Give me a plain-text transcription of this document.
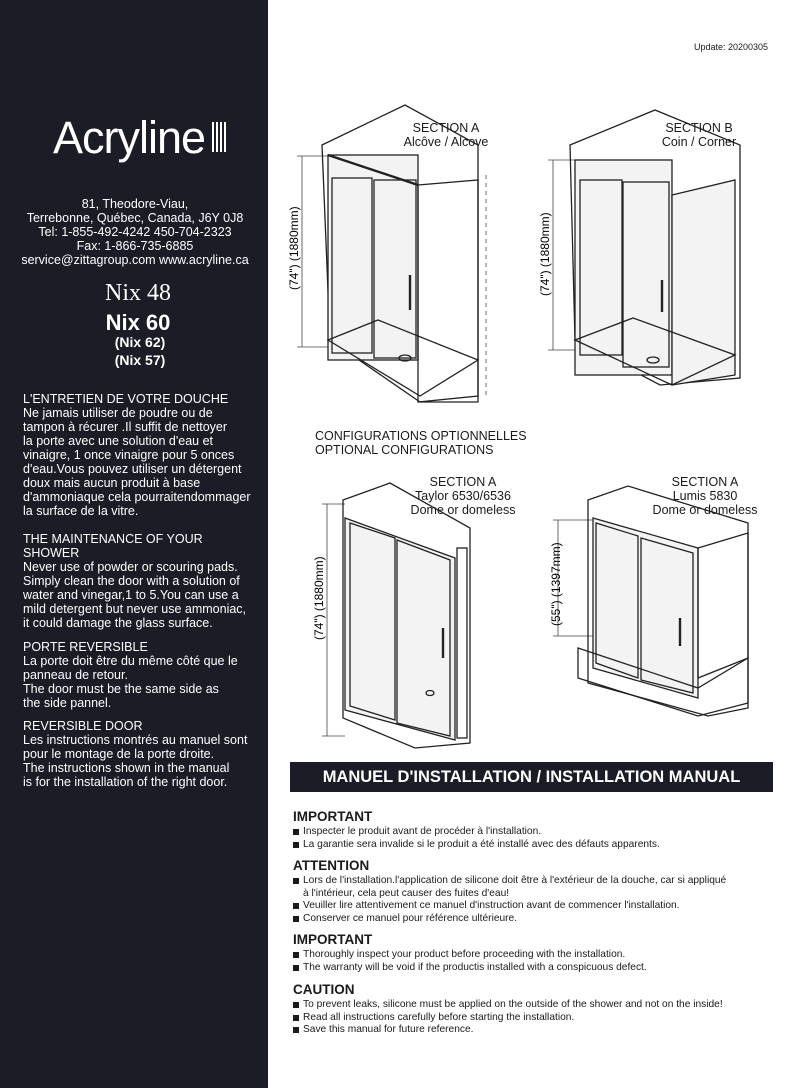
Acryline
81, Theodore-Viau,
Terrebonne, Québec, Canada, J6Y 0J8
Tel: 1-855-492-4242 450-704-2323
Fax: 1-866-735-6885
service@zittagroup.com www.acryline.ca
Nix 48
Nix 60
(Nix 62)
(Nix 57)
L'ENTRETIEN DE VOTRE DOUCHE
Ne jamais utiliser de poudre ou de
tampon à récurer .Il suffit de nettoyer
la porte avec une solution d'eau et
vinaigre, 1 once vinaigre pour 5 onces
d'eau.Vous pouvez utiliser un détergent
doux mais aucun produit à base
d'ammoniaque cela pourraitendommager
la surface de la vitre.
THE MAINTENANCE OF YOUR
SHOWER
Never use of powder or scouring pads.
Simply clean the door with a solution of
water and vinegar,1 to 5.You can use a
mild detergent but never use ammoniac,
it could damage the glass surface.
PORTE REVERSIBLE
La porte doit être du même côté que le
panneau de retour.
The door must be the same side as
the side pannel.
REVERSIBLE DOOR
Les instructions montrés au manuel sont
pour le montage de la porte droite.
The instructions shown in the manual
is for the installation of the right door.
Update: 20200305
SECTION A
Alcôve / Alcove
SECTION B
Coin / Corner
CONFIGURATIONS OPTIONNELLES
OPTIONAL CONFIGURATIONS
SECTION A
Taylor 6530/6536
Dome or domeless
SECTION A
Lumis 5830
Dome or domeless
(74") (1880mm)	(74") (1880mm)
(74") (1880mm)	(55") (1397mm)
MANUEL D'INSTALLATION / INSTALLATION MANUAL
IMPORTANT
Inspecter le produit avant de procéder à l'installation.
La garantie sera invalide si le produit a été installé avec des défauts apparents.
ATTENTION
Lors de l'installation.l'application de silicone doit être à l'extérieur de la douche, car si appliqué
à l'intérieur, cela peut causer des fuites d'eau!
Veuiller lire attentivement ce manuel d'instruction avant de commencer l'installation.
Conserver ce manuel pour référence ultérieure.
IMPORTANT
Thoroughly inspect your product before proceeding with the installation.
The warranty will be void if the productis installed with a conspicuous defect.
CAUTION
To prevent leaks, silicone must be applied on the outside of the shower and not on the inside!
Read all instructions carefully before starting the installation.
Save this manual for future reference.
